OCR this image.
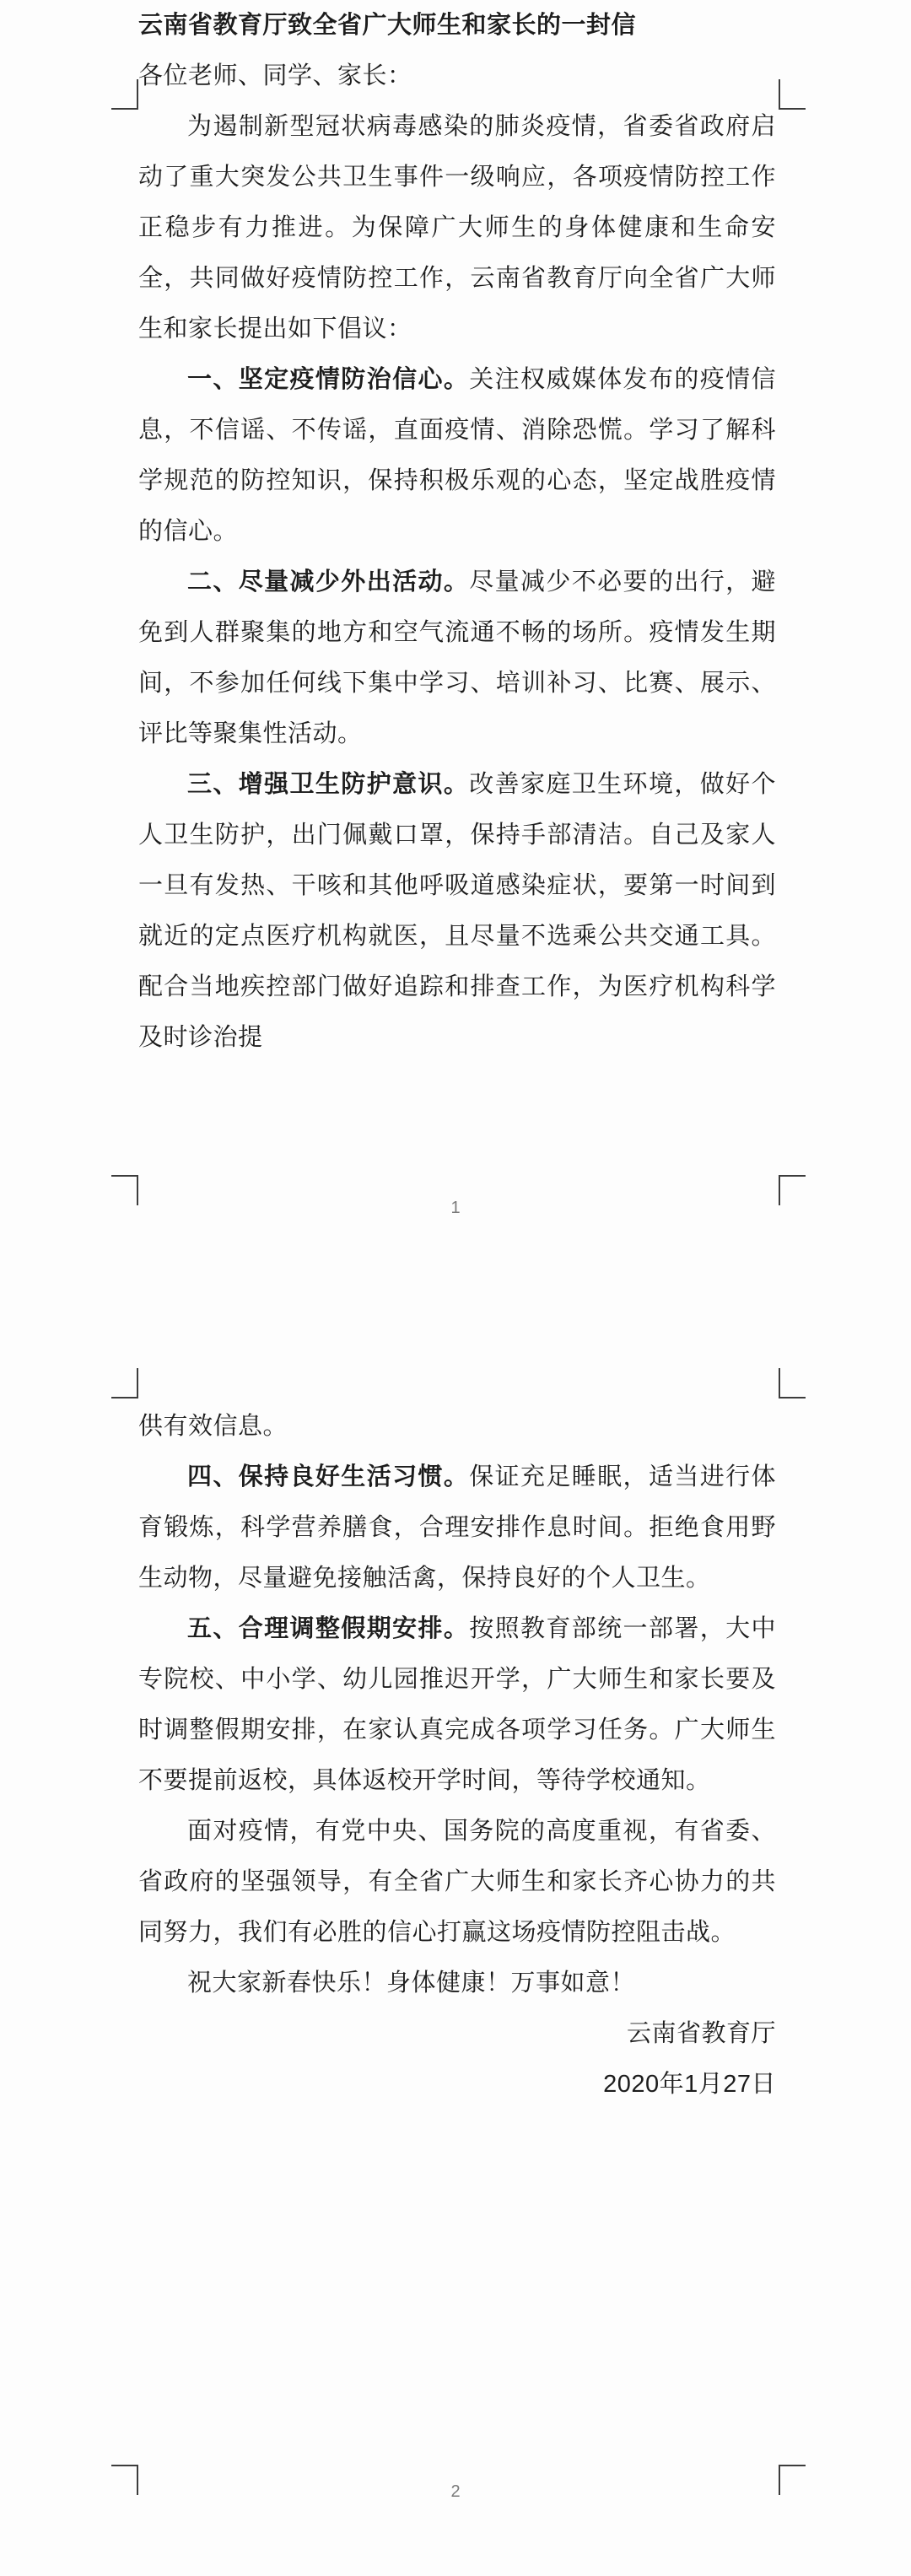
云南省教育厅致全省广大师生和家长的一封信

各位老师、同学、家长：

为遏制新型冠状病毒感染的肺炎疫情，省委省政府启动了重大突发公共卫生事件一级响应，各项疫情防控工作正稳步有力推进。为保障广大师生的身体健康和生命安全，共同做好疫情防控工作，云南省教育厅向全省广大师生和家长提出如下倡议：

一、坚定疫情防治信心。关注权威媒体发布的疫情信息，不信谣、不传谣，直面疫情、消除恐慌。学习了解科学规范的防控知识，保持积极乐观的心态，坚定战胜疫情的信心。

二、尽量减少外出活动。尽量减少不必要的出行，避免到人群聚集的地方和空气流通不畅的场所。疫情发生期间，不参加任何线下集中学习、培训补习、比赛、展示、评比等聚集性活动。

三、增强卫生防护意识。改善家庭卫生环境，做好个人卫生防护，出门佩戴口罩，保持手部清洁。自己及家人一旦有发热、干咳和其他呼吸道感染症状，要第一时间到就近的定点医疗机构就医，且尽量不选乘公共交通工具。配合当地疾控部门做好追踪和排查工作，为医疗机构科学及时诊治提

1

供有效信息。

四、保持良好生活习惯。保证充足睡眠，适当进行体育锻炼，科学营养膳食，合理安排作息时间。拒绝食用野生动物，尽量避免接触活禽，保持良好的个人卫生。

五、合理调整假期安排。按照教育部统一部署，大中专院校、中小学、幼儿园推迟开学，广大师生和家长要及时调整假期安排，在家认真完成各项学习任务。广大师生不要提前返校，具体返校开学时间，等待学校通知。

面对疫情，有党中央、国务院的高度重视，有省委、省政府的坚强领导，有全省广大师生和家长齐心协力的共同努力，我们有必胜的信心打赢这场疫情防控阻击战。

祝大家新春快乐！身体健康！万事如意！

云南省教育厅

2020年1月27日

2
